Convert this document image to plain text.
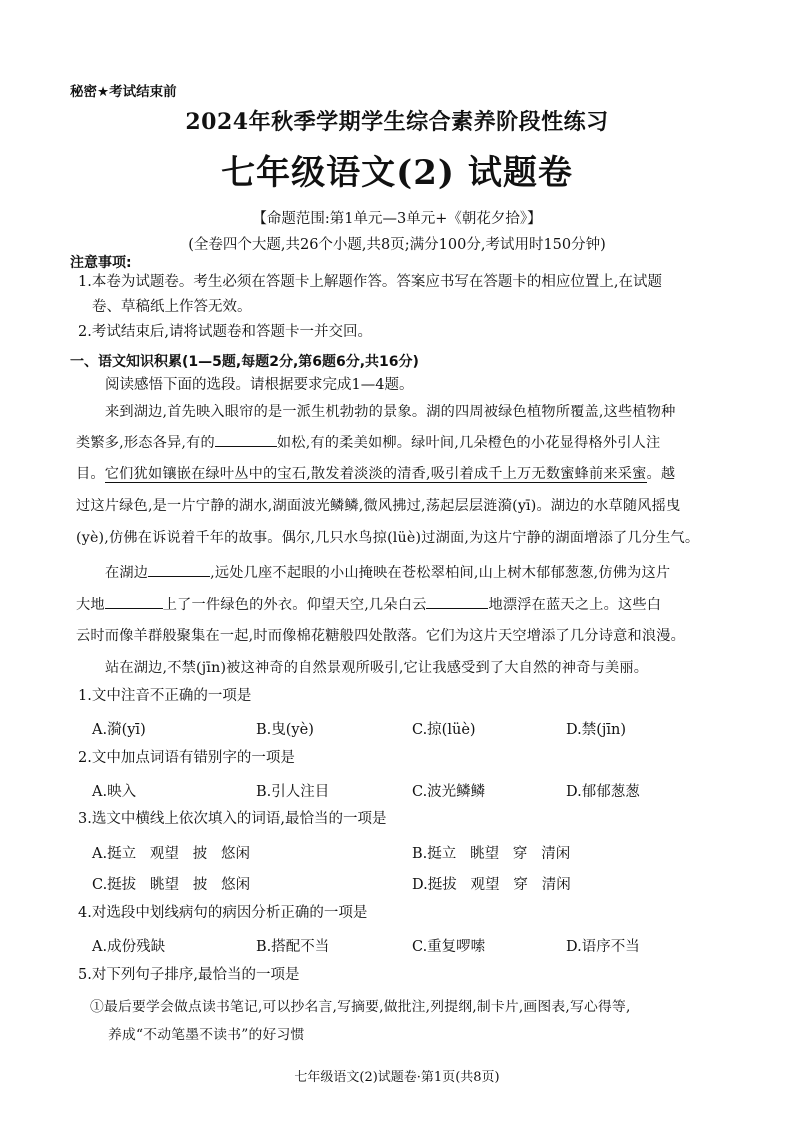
秘密★考试结束前
2024年秋季学期学生综合素养阶段性练习
七年级语文(2) 试题卷
【命题范围:第1单元—3单元+《朝花夕拾》】
(全卷四个大题,共26个小题,共8页;满分100分,考试用时150分钟)
注意事项:
1.本卷为试题卷。考生必须在答题卡上解题作答。答案应书写在答题卡的相应位置上,在试题
卷、草稿纸上作答无效。
2.考试结束后,请将试题卷和答题卡一并交回。
一、语文知识积累(1—5题,每题2分,第6题6分,共16分)
阅读感悟下面的选段。请根据要求完成1—4题。
来到湖边,首先映入眼帘的是一派生机勃勃的景象。湖的四周被绿色植物所覆盖,这些植物种
类繁多,形态各异,有的	如松,有的柔美如柳。绿叶间,几朵橙色的小花显得格外引人注
目。它们犹如镶嵌在绿叶丛中的宝石,散发着淡淡的清香,吸引着成千上万无数蜜蜂前来采蜜。越
过这片绿色,是一片宁静的湖水,湖面波光鳞鳞,微风拂过,荡起层层涟漪(yī)。湖边的水草随风摇曳
(yè),仿佛在诉说着千年的故事。偶尔,几只水鸟掠(lüè)过湖面,为这片宁静的湖面增添了几分生气。
在湖边	,远处几座不起眼的小山掩映在苍松翠柏间,山上树木郁郁葱葱,仿佛为这片
大地	上了一件绿色的外衣。仰望天空,几朵白云	地漂浮在蓝天之上。这些白
云时而像羊群般聚集在一起,时而像棉花糖般四处散落。它们为这片天空增添了几分诗意和浪漫。
站在湖边,不禁(jīn)被这神奇的自然景观所吸引,它让我感受到了大自然的神奇与美丽。
1.文中注音不正确的一项是
A.漪(yī)	B.曳(yè)	C.掠(lüè)	D.禁(jīn)
2.文中加点词语有错别字的一项是
A.映入	B.引人注目	C.波光鳞鳞	D.郁郁葱葱
3.选文中横线上依次填入的词语,最恰当的一项是
A.挺立   观望   披   悠闲	B.挺立   眺望   穿   清闲
C.挺拔   眺望   披   悠闲	D.挺拔   观望   穿   清闲
4.对选段中划线病句的病因分析正确的一项是
A.成份残缺	B.搭配不当	C.重复啰嗦	D.语序不当
5.对下列句子排序,最恰当的一项是
①最后要学会做点读书笔记,可以抄名言,写摘要,做批注,列提纲,制卡片,画图表,写心得等,
养成“不动笔墨不读书”的好习惯
七年级语文(2)试题卷·第1页(共8页)
